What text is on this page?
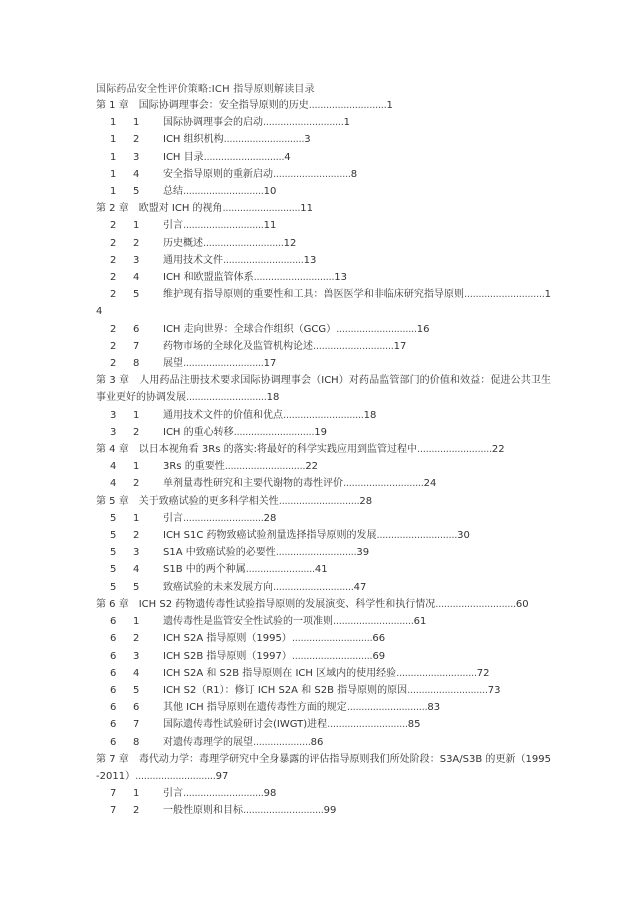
国际药品安全性评价策略:ICH 指导原则解读目录
第 1 章  国际协调理事会：安全指导原则的历史...........................1
1 1 国际协调理事会的启动............................1
1 2 ICH 组织机构............................3
1 3 ICH 目录............................4
1 4 安全指导原则的重新启动...........................8
1 5 总结............................10
第 2 章  欧盟对 ICH 的视角...........................11
2 1 引言............................11
2 2 历史概述............................12
2 3 通用技术文件............................13
2 4 ICH 和欧盟监管体系............................13
2 5 维护现有指导原则的重要性和工具：兽医医学和非临床研究指导原则............................14
2 6 ICH 走向世界：全球合作组织（GCG）............................16
2 7 药物市场的全球化及监管机构论述............................17
2 8 展望............................17
第 3 章  人用药品注册技术要求国际协调理事会（ICH）对药品监管部门的价值和效益：促进公共卫生事业更好的协调发展............................18
3 1 通用技术文件的价值和优点............................18
3 2 ICH 的重心转移............................19
第 4 章  以日本视角看 3Rs 的落实:将最好的科学实践应用到监管过程中..........................22
4 1 3Rs 的重要性............................22
4 2 单剂量毒性研究和主要代谢物的毒性评价............................24
第 5 章  关于致癌试验的更多科学相关性............................28
5 1 引言............................28
5 2 ICH S1C 药物致癌试验剂量选择指导原则的发展............................30
5 3 S1A 中致癌试验的必要性............................39
5 4 S1B 中的两个种属........................41
5 5 致癌试验的未来发展方向............................47
第 6 章  ICH S2 药物遗传毒性试验指导原则的发展演变、科学性和执行情况............................60
6 1 遗传毒性是监管安全性试验的一项准则............................61
6 2 ICH S2A 指导原则（1995）............................66
6 3 ICH S2B 指导原则（1997）............................69
6 4 ICH S2A 和 S2B 指导原则在 ICH 区域内的使用经验............................72
6 5 ICH S2（R1）：修订 ICH S2A 和 S2B 指导原则的原因............................73
6 6 其他 ICH 指导原则在遗传毒性方面的规定............................83
6 7 国际遗传毒性试验研讨会(IWGT)进程............................85
6 8 对遗传毒理学的展望....................86
第 7 章  毒代动力学：毒理学研究中全身暴露的评估指导原则我们所处阶段：S3A/S3B 的更新（1995-2011）............................97
7 1 引言............................98
7 2 一般性原则和目标............................99
